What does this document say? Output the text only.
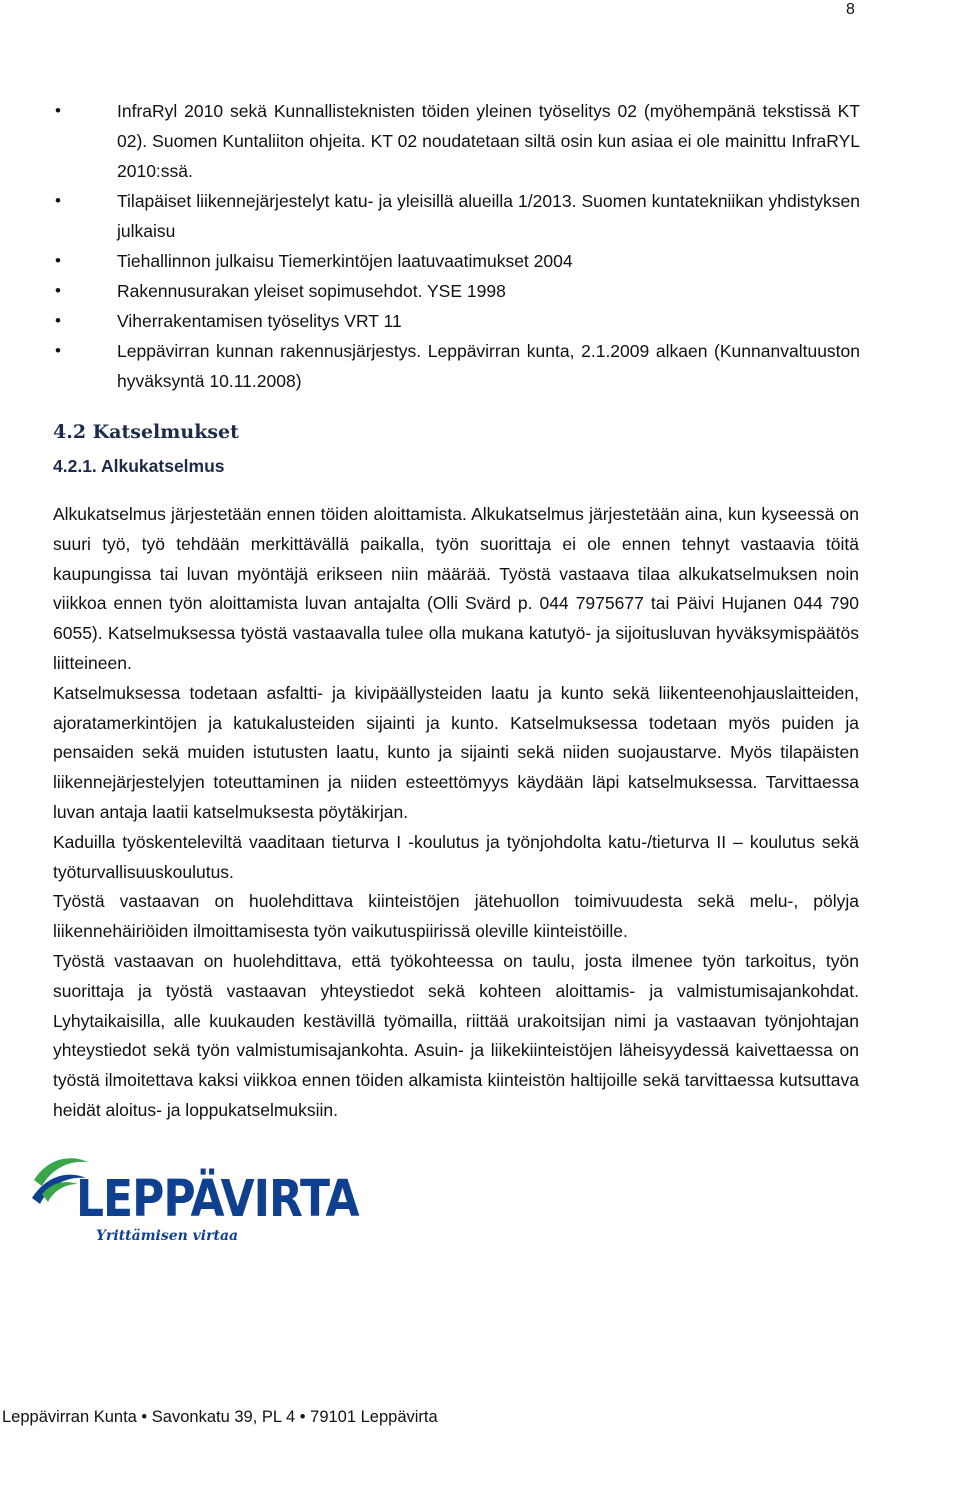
8
•	InfraRyl 2010 sekä Kunnallisteknisten töiden yleinen työselitys 02 (myöhempänä tekstissä KT 02). Suomen Kuntaliiton ohjeita. KT 02 noudatetaan siltä osin kun asiaa ei ole mainittu InfraRYL 2010:ssä.
•	Tilapäiset liikennejärjestelyt katu- ja yleisillä alueilla 1/2013. Suomen kuntatekniikan yhdistyksen julkaisu
•	Tiehallinnon julkaisu Tiemerkintöjen laatuvaatimukset 2004
•	Rakennusurakan yleiset sopimusehdot. YSE 1998
•	Viherrakentamisen työselitys VRT 11
•	Leppävirran kunnan rakennusjärjestys. Leppävirran kunta, 2.1.2009 alkaen (Kunnanvaltuuston hyväksyntä 10.11.2008)
4.2 Katselmukset
4.2.1. Alkukatselmus

Alkukatselmus järjestetään ennen töiden aloittamista. Alkukatselmus järjestetään aina, kun kyseessä on suuri työ, työ tehdään merkittävällä paikalla, työn suorittaja ei ole ennen tehnyt vastaavia töitä kaupungissa tai luvan myöntäjä erikseen niin määrää. Työstä vastaava tilaa alkukatselmuksen noin viikkoa ennen työn aloittamista luvan antajalta (Olli Svärd p. 044 7975677 tai Päivi Hujanen 044 790 6055). Katselmuksessa työstä vastaavalla tulee olla mukana katutyö- ja sijoitusluvan hyväksymispäätös liitteineen.

Katselmuksessa todetaan asfaltti- ja kivipäällysteiden laatu ja kunto sekä liikenteenohjauslaitteiden, ajoratamerkintöjen ja katukalusteiden sijainti ja kunto. Katselmuksessa todetaan myös puiden ja pensaiden sekä muiden istutusten laatu, kunto ja sijainti sekä niiden suojaustarve. Myös tilapäisten liikennejärjestelyjen toteuttaminen ja niiden esteettömyys käydään läpi katselmuksessa. Tarvittaessa luvan antaja laatii katselmuksesta pöytäkirjan.

Kaduilla työskenteleviltä vaaditaan tieturva I -koulutus ja työnjohdolta katu-/tieturva II – koulutus sekä työturvallisuuskoulutus.

Työstä vastaavan on huolehdittava kiinteistöjen jätehuollon toimivuudesta sekä melu-, pölyja liikennehäiriöiden ilmoittamisesta työn vaikutuspiirissä oleville kiinteistöille.

Työstä vastaavan on huolehdittava, että työkohteessa on taulu, josta ilmenee työn tarkoitus, työn suorittaja ja työstä vastaavan yhteystiedot sekä kohteen aloittamis- ja valmistumisajankohdat. Lyhytaikaisilla, alle kuukauden kestävillä työmailla, riittää urakoitsijan nimi ja vastaavan työnjohtajan yhteystiedot sekä työn valmistumisajankohta. Asuin- ja liikekiinteistöjen läheisyydessä kaivettaessa on työstä ilmoitettava kaksi viikkoa ennen töiden alkamista kiinteistön haltijoille sekä tarvittaessa kutsuttava heidät aloitus- ja loppukatselmuksiin.

LEPPÄVIRTA
Yrittämisen virtaa
Leppävirran Kunta • Savonkatu 39, PL 4 • 79101 Leppävirta
